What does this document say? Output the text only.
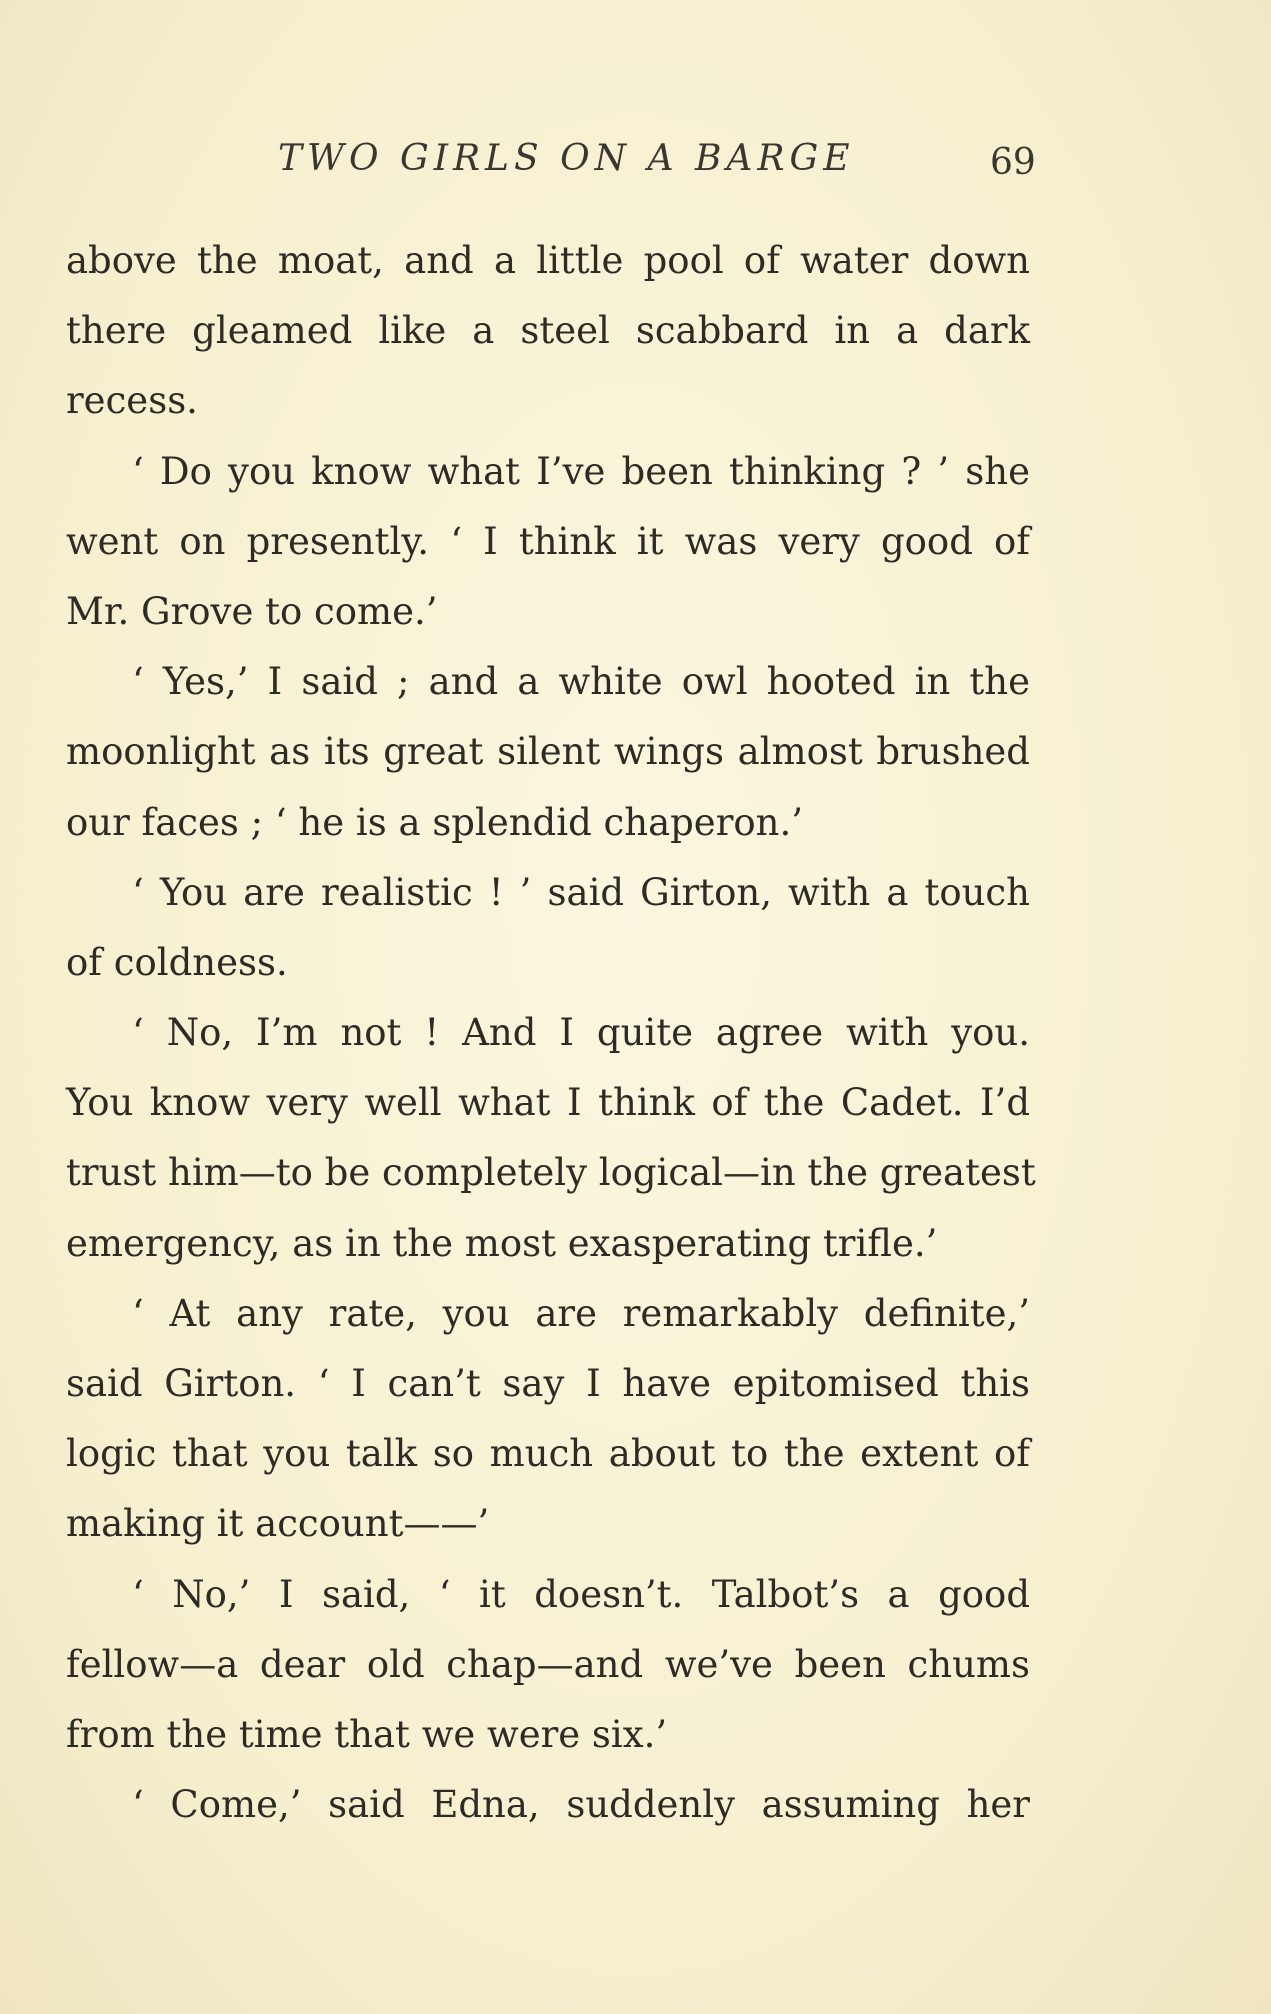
TWO GIRLS ON A BARGE	69
above the moat, and a little pool of water down
there gleamed like a steel scabbard in a dark
recess.
‘ Do you know what I’ve been thinking ? ’ she
went on presently. ‘ I think it was very good of
Mr. Grove to come.’
‘ Yes,’ I said ; and a white owl hooted in the
moonlight as its great silent wings almost brushed
our faces ; ‘ he is a splendid chaperon.’
‘ You are realistic ! ’ said Girton, with a touch
of coldness.
‘ No, I’m not ! And I quite agree with you.
You know very well what I think of the Cadet. I’d
trust him—to be completely logical—in the greatest
emergency, as in the most exasperating trifle.’
‘ At any rate, you are remarkably definite,’
said Girton. ‘ I can’t say I have epitomised this
logic that you talk so much about to the extent of
making it account——’
‘ No,’ I said, ‘ it doesn’t. Talbot’s a good
fellow—a dear old chap—and we’ve been chums
from the time that we were six.’
‘ Come,’ said Edna, suddenly assuming her
